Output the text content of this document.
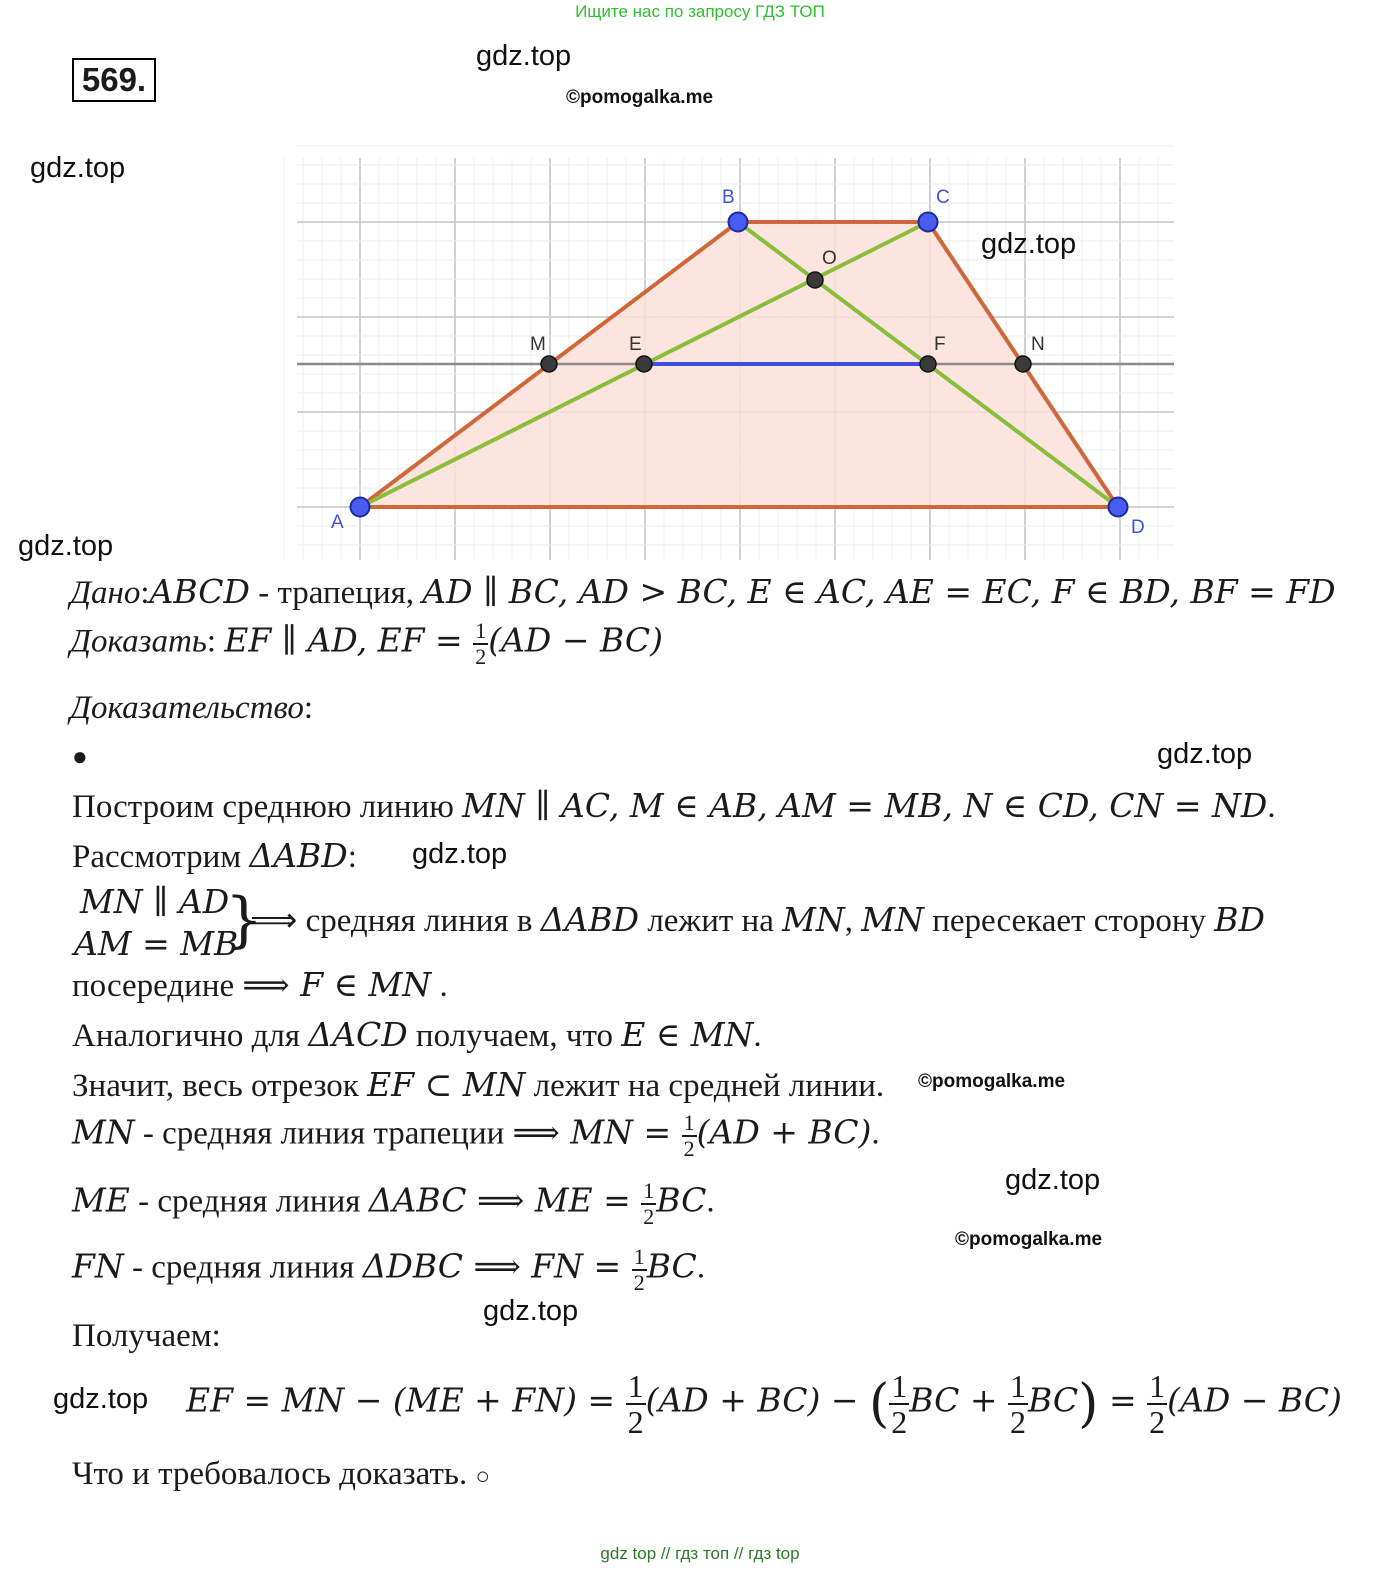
Ищите нас по запросу ГДЗ ТОП
569.
gdz.top
©pomogalka.me
gdz.top
gdz.top
A
B	C
D
M	E	F	N
O	gdz.top
Дано:ABCD - трапеция, AD ∥ BC, AD > BC, E ∈ AC, AE = EC, F ∈ BD, BF = FD
Доказать: EF ∥ AD, EF = $\frac{1}{2} (AD - BC)$
Доказательство:
●	gdz.top
Построим среднюю линию MN ∥ AC, M ∈ AB, AM = MB, N ∈ CD, CN = ND.
Рассмотрим ΔABD: gdz.top
MN ∥ AD
AM = MB
}
⟹ средняя линия в ΔABD лежит на MN, MN пересекает сторону BD
посередине ⟹ F ∈ MN .
Аналогично для ΔACD получаем, что E ∈ MN.
Значит, весь отрезок EF ⊂ MN лежит на средней линии. ©pomogalka.me
MN - средняя линия трапеции ⟹ MN = $\frac{1}{2} (AD + BC)$.
gdz.top
ME - средняя линия ΔABC ⟹ ME = $\frac{1}{2}$ BC.
©pomogalka.me
FN - средняя линия ΔDBC ⟹ FN = $\frac{1}{2}$ BC.
gdz.top
Получаем:
gdz.top EF = MN − $(ME + FN) = \frac{1}{2} (AD + BC)$ − ( $\frac{1}{2}$ BC + $\frac{1}{2} BC) = \frac{1}{2} (AD - BC)$
Что и требовалось доказать. ○
gdz top // гдз топ // гдз top
